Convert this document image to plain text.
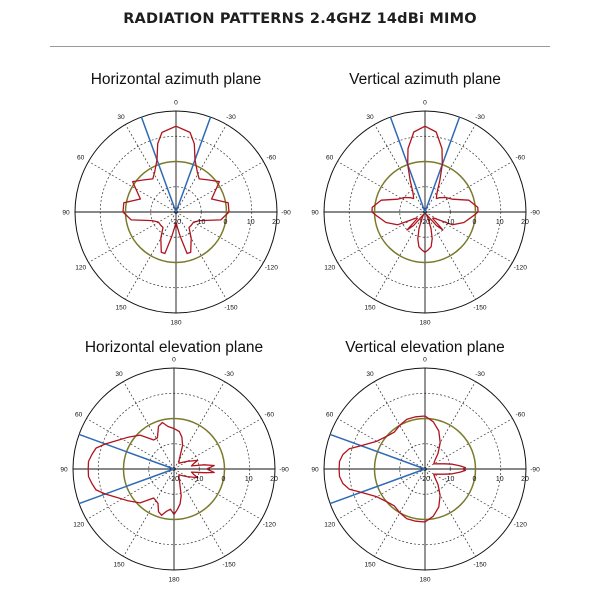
RADIATION PATTERNS 2.4GHZ 14dBi MIMO
Horizontal azimuth plane
0
30
60
90
120
150
180
-150
-120
-90
-60
-30
-20 -10	0	10 20
Vertical azimuth plane
0
30
60
90
120
150
180
-150
-120
-90
-60
-30
-20 -10	0	10 20
Horizontal elevation plane
0
30
60
90
120
150
180
-150
-120
-90
-60
-30
-20 -10	0	10 20
Vertical elevation plane
0
30
60
90
120
150
180
-150
-120
-90
-60
-30
-20 -10	0	10 20
